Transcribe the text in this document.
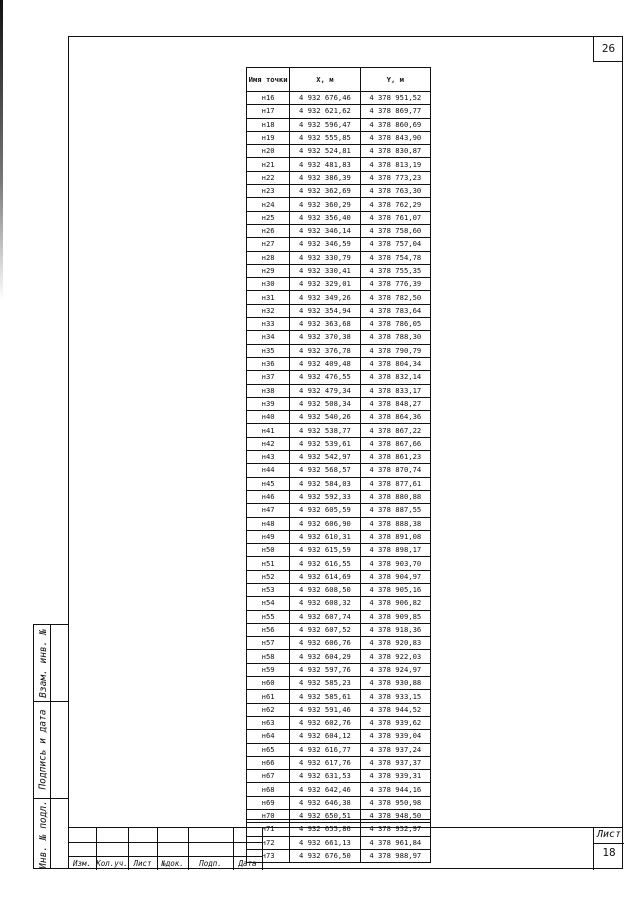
26
Имя точки	X, м	Y, м
н16	4 932 676,46	4 378 951,52
н17	4 932 621,62	4 378 869,77
н18	4 932 596,47	4 378 860,69
н19	4 932 555,85	4 378 843,90
н20	4 932 524,81	4 378 830,87
н21	4 932 481,83	4 378 813,19
н22	4 932 386,39	4 378 773,23
н23	4 932 362,69	4 378 763,30
н24	4 932 360,29	4 378 762,29
н25	4 932 356,40	4 378 761,07
н26	4 932 346,14	4 378 758,60
н27	4 932 346,59	4 378 757,04
н28	4 932 330,79	4 378 754,78
н29	4 932 330,41	4 378 755,35
н30	4 932 329,01	4 378 776,39
н31	4 932 349,26	4 378 782,50
н32	4 932 354,94	4 378 783,64
н33	4 932 363,68	4 378 786,05
н34	4 932 370,38	4 378 788,30
н35	4 932 376,78	4 378 790,79
н36	4 932 409,48	4 378 804,34
н37	4 932 476,55	4 378 832,14
н38	4 932 479,34	4 378 833,17
н39	4 932 508,34	4 378 848,27
н40	4 932 540,26	4 378 864,36
н41	4 932 538,77	4 378 867,22
н42	4 932 539,61	4 378 867,66
н43	4 932 542,97	4 378 861,23
н44	4 932 568,57	4 378 870,74
н45	4 932 584,03	4 378 877,61
н46	4 932 592,33	4 378 880,88
н47	4 932 605,59	4 378 887,55
н48	4 932 606,90	4 378 888,38
н49	4 932 610,31	4 378 891,08
н50	4 932 615,59	4 378 898,17
н51	4 932 616,55	4 378 903,70
н52	4 932 614,69	4 378 904,97
н53	4 932 608,50	4 378 905,16
н54	4 932 608,32	4 378 906,82
н55	4 932 607,74	4 378 909,85
н56	4 932 607,52	4 378 918,36
н57	4 932 606,76	4 378 920,83
н58	4 932 604,29	4 378 922,03
н59	4 932 597,76	4 378 924,97
н60	4 932 585,23	4 378 930,88
н61	4 932 585,61	4 378 933,15
н62	4 932 591,46	4 378 944,52
н63	4 932 602,76	4 378 939,62
н64	4 932 604,12	4 378 939,04
н65	4 932 616,77	4 378 937,24
н66	4 932 617,76	4 378 937,37
н67	4 932 631,53	4 378 939,31
н68	4 932 642,46	4 378 944,16
н69	4 932 646,38	4 378 950,98
н70	4 932 650,51	4 378 948,50
н71	4 932 655,86	4 378 952,97
н72	4 932 661,13	4 378 961,84
н73	4 932 676,50	4 378 988,97
Взам. инв. №
Подпись и дата
Инв. № подл.	Изм. Кол.уч. Лист	№док.	Подп.	Дата
Лист
18
